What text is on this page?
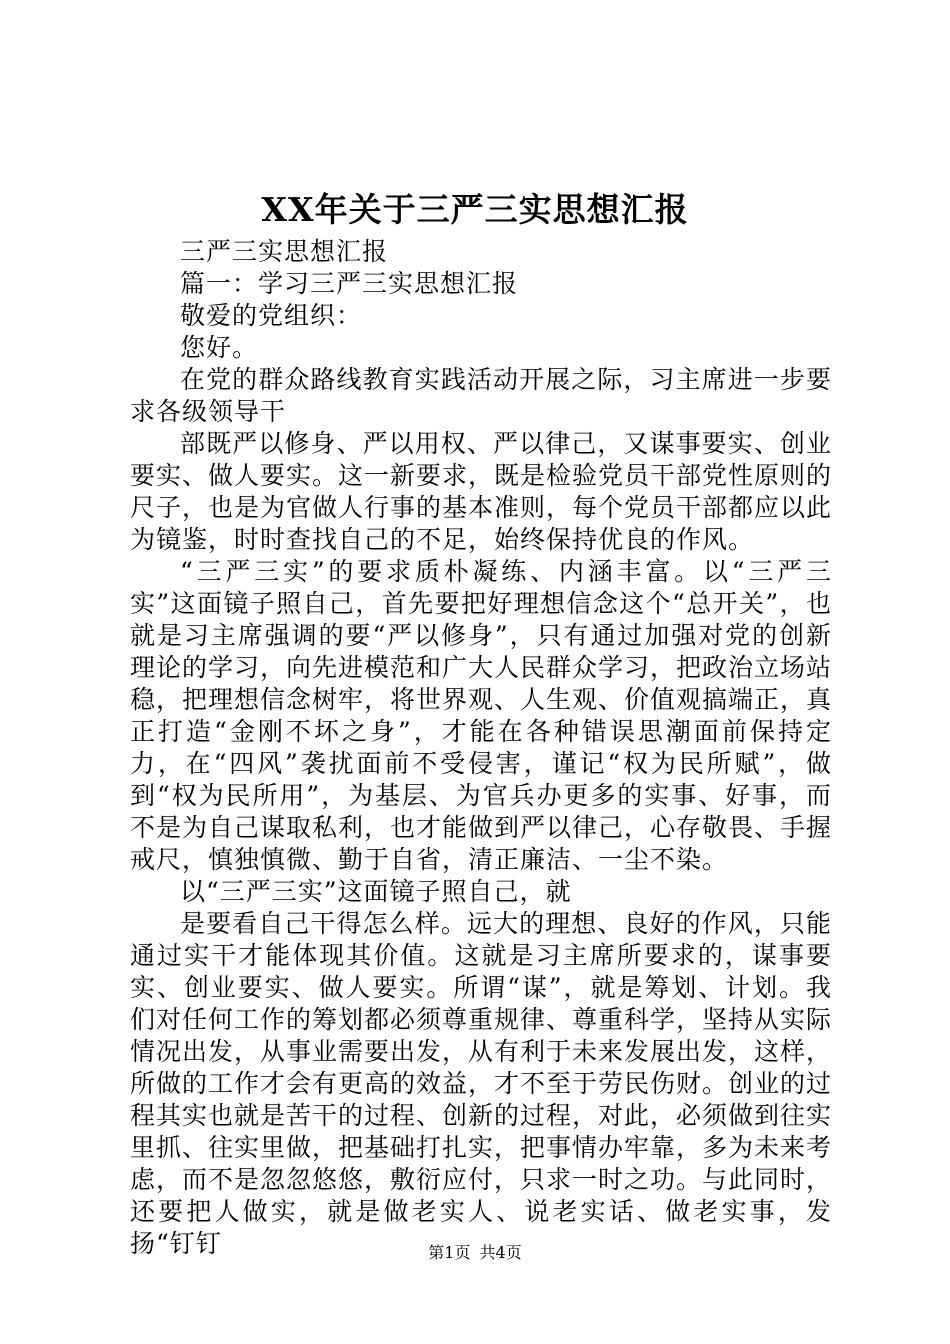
XX年关于三严三实思想汇报

三严三实思想汇报

篇一：学习三严三实思想汇报

敬爱的党组织：

您好。

在党的群众路线教育实践活动开展之际，习主席进一步要求各级领导干

部既严以修身、严以用权、严以律己，又谋事要实、创业要实、做人要实。这一新要求，既是检验党员干部党性原则的尺子，也是为官做人行事的基本准则，每个党员干部都应以此为镜鉴，时时查找自己的不足，始终保持优良的作风。

“三严三实”的要求质朴凝练、内涵丰富。以“三严三实”这面镜子照自己，首先要把好理想信念这个“总开关”，也就是习主席强调的要“严以修身”，只有通过加强对党的创新理论的学习，向先进模范和广大人民群众学习，把政治立场站稳，把理想信念树牢，将世界观、人生观、价值观搞端正，真正打造“金刚不坏之身”，才能在各种错误思潮面前保持定力，在“四风”袭扰面前不受侵害，谨记“权为民所赋”，做到“权为民所用”，为基层、为官兵办更多的实事、好事，而不是为自己谋取私利，也才能做到严以律己，心存敬畏、手握戒尺，慎独慎微、勤于自省，清正廉洁、一尘不染。

以“三严三实”这面镜子照自己，就

是要看自己干得怎么样。远大的理想、良好的作风，只能通过实干才能体现其价值。这就是习主席所要求的，谋事要实、创业要实、做人要实。所谓“谋”，就是筹划、计划。我们对任何工作的筹划都必须尊重规律、尊重科学，坚持从实际情况出发，从事业需要出发，从有利于未来发展出发，这样，所做的工作才会有更高的效益，才不至于劳民伤财。创业的过程其实也就是苦干的过程、创新的过程，对此，必须做到往实里抓、往实里做，把基础打扎实，把事情办牢靠，多为未来考虑，而不是忽忽悠悠，敷衍应付，只求一时之功。与此同时，还要把人做实，就是做老实人、说老实话、做老实事，发扬“钉钉	第1页 共4页
